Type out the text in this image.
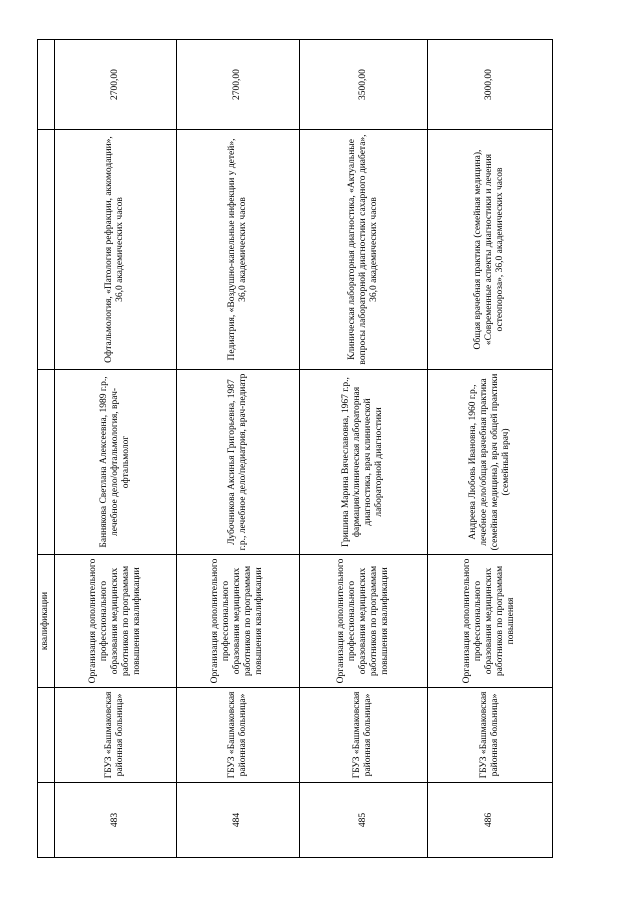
		квалификации			
483	ГБУЗ «Башмаковская районная больница»	Организация дополнительного профессионального образования медицинских работников по программам повышения квалификации	Баннякова Светлана Алексеевна, 1989 г.р., лечебное дело/офтальмология, врач-офтальмолог	Офтальмология, «Патология рефракции, аккомодации», 36,0 академических часов	2700,00
484	ГБУЗ «Башмаковская районная больница»	Организация дополнительного профессионального образования медицинских работников по программам повышения квалификации	Лубочникова Аксинья Григорьевна, 1987 г.р., лечебное дело/педиатрия, врач-педиатр	Педиатрия, «Воздушно-капельные инфекции у детей», 36,0 академических часов	2700,00
485	ГБУЗ «Башмаковская районная больница»	Организация дополнительного профессионального образования медицинских работников по программам повышения квалификации	Гришина Марина Вячеславовна, 1967 г.р., фармация/клиническая лабораторная диагностика, врач клинической лабораторной диагностики	Клиническая лабораторная диагностика, «Актуальные вопросы лабораторной диагностики сахарного диабета», 36,0 академических часов	3500,00
486	ГБУЗ «Башмаковская районная больница»	Организация дополнительного профессионального образования медицинских работников по программам повышения	Андреева Любовь Ивановна, 1960 г.р., лечебное дело/общая врачебная практика (семейная медицина), врач общей практики (семейный врач)	Общая врачебная практика (семейная медицина), «Современные аспекты диагностики и лечения остеопороза», 36,0 академических часов	3000,00
